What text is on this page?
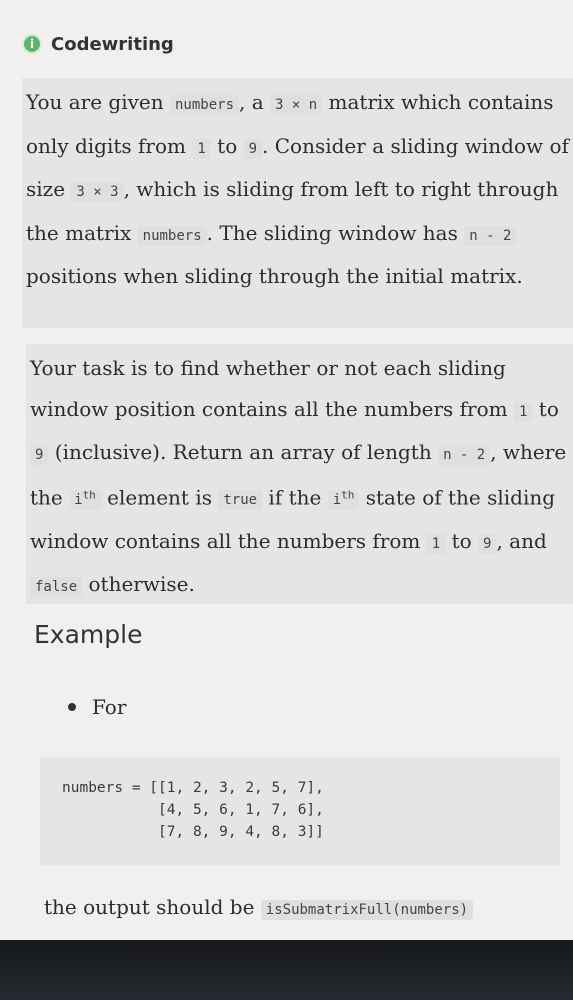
i Codewriting
You are given numbers , a 3 × n matrix which contains only digits from 1 to 9 . Consider a sliding window of size 3 × 3 , which is sliding from left to right through the matrix numbers . The sliding window has n - 2 positions when sliding through the initial matrix.
Your task is to find whether or not each sliding window position contains all the numbers from 1 to 9 (inclusive). Return an array of length n - 2 , where the $i^{th}$ element is true if the $i^{th}$ state of the sliding window contains all the numbers from 1 to 9 , and false otherwise.
Example
For
numbers = [[1, 2, 3, 2, 5, 7],
[4, 5, 6, 1, 7, 6],
[7, 8, 9, 4, 8, 3]]
the output should be isSubmatrixFull(numbers)
